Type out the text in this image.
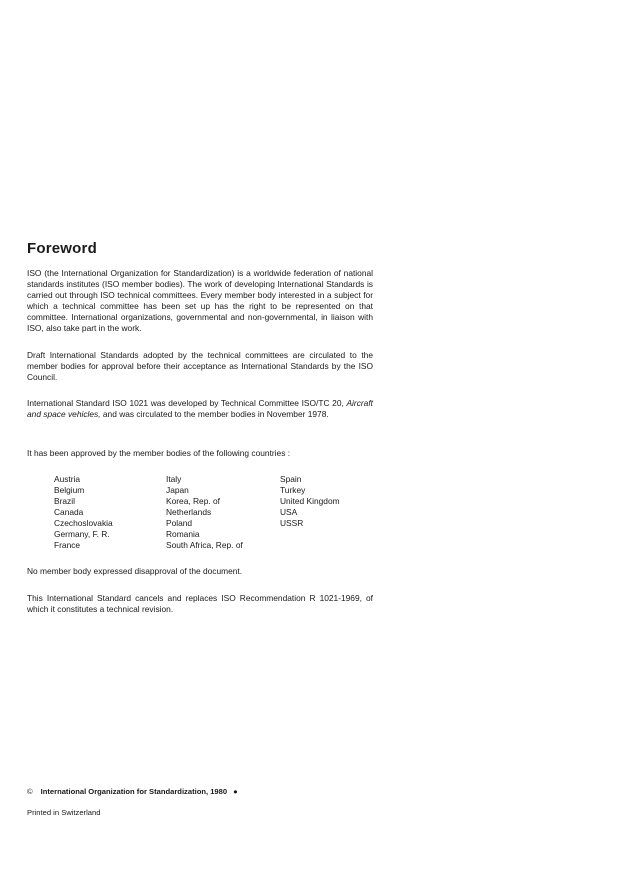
Foreword

ISO (the International Organization for Standardization) is a worldwide federation of national standards institutes (ISO member bodies). The work of developing International Standards is carried out through ISO technical committees. Every member body interested in a subject for which a technical committee has been set up has the right to be represented on that committee. International organizations, governmental and non-governmental, in liaison with ISO, also take part in the work.

Draft International Standards adopted by the technical committees are circulated to the member bodies for approval before their acceptance as International Standards by the ISO Council.

International Standard ISO 1021 was developed by Technical Committee ISO/TC 20, Aircraft and space vehicles, and was circulated to the member bodies in November 1978.

It has been approved by the member bodies of the following countries :

Austria
Belgium
Brazil
Canada
Czechoslovakia
Germany, F. R.
France
Italy
Japan
Korea, Rep. of
Netherlands
Poland
Romania
South Africa, Rep. of
Spain
Turkey
United Kingdom
USA
USSR

No member body expressed disapproval of the document.

This International Standard cancels and replaces ISO Recommendation R 1021-1969, of which it constitutes a technical revision.

© International Organization for Standardization, 1980 ●
Printed in Switzerland
